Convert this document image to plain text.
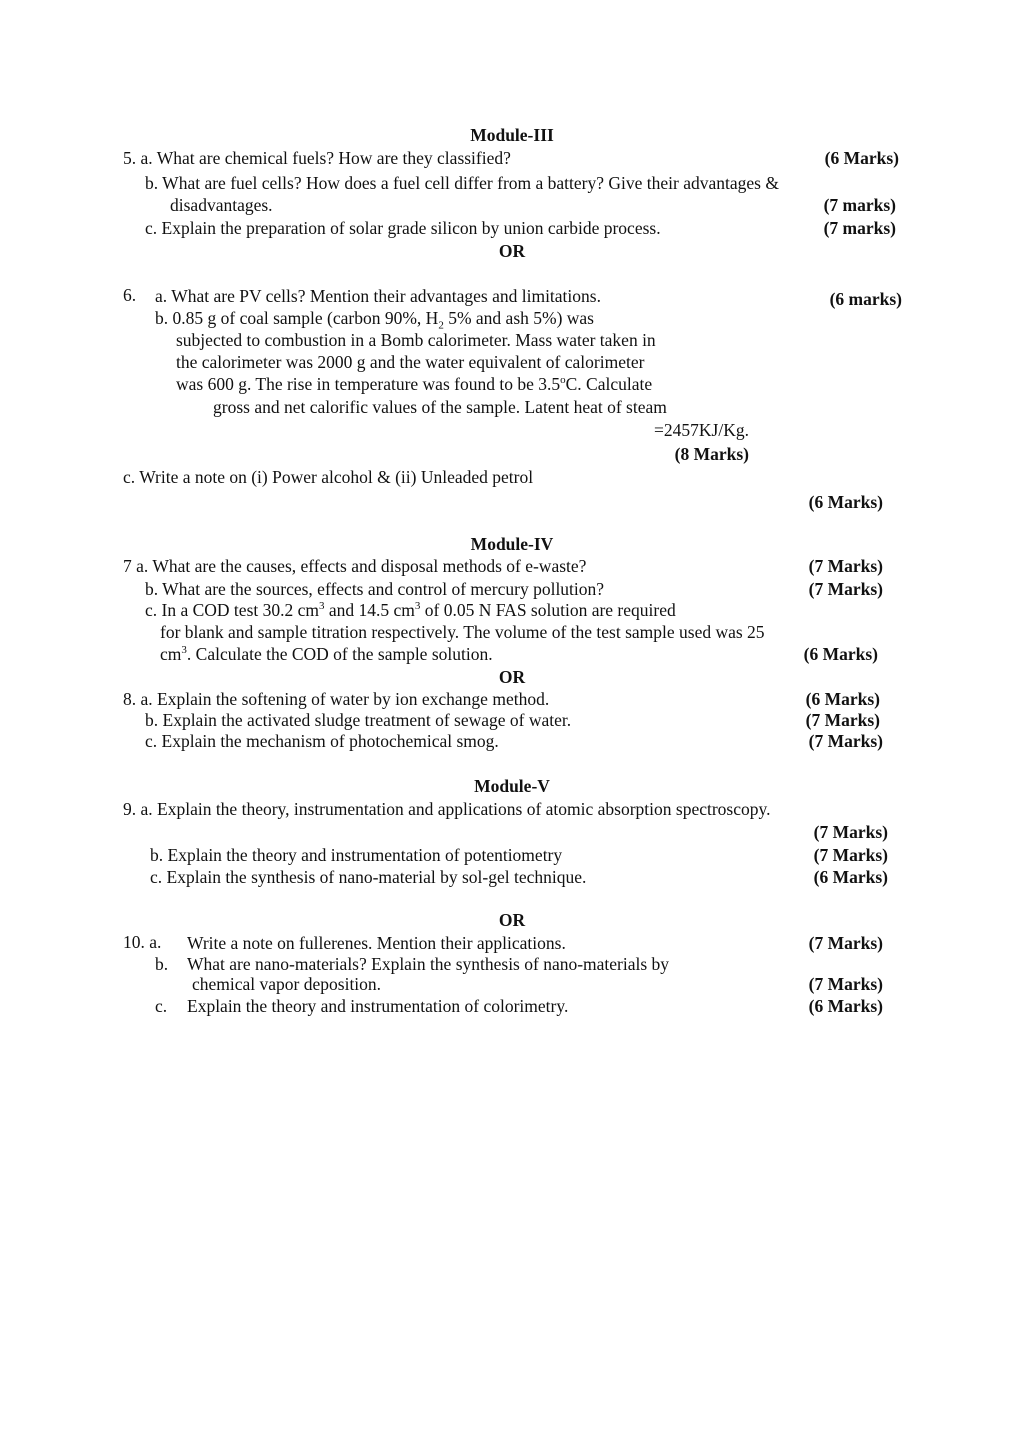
Module-III
5. a. What are chemical fuels? How are they classified?	(6 Marks)
b. What are fuel cells? How does a fuel cell differ from a battery? Give their advantages &
disadvantages.	(7 marks)
c. Explain the preparation of solar grade silicon by union carbide process.	(7 marks)
OR
6. a. What are PV cells? Mention their advantages and limitations.	(6 marks)
b. 0.85 g of coal sample (carbon 90%, $H_2$ 5% and ash 5%) was
subjected to combustion in a Bomb calorimeter. Mass water taken in
the calorimeter was 2000 g and the water equivalent of calorimeter
was 600 g. The rise in temperature was found to be 3.5$^o$C. Calculate
gross and net calorific values of the sample. Latent heat of steam
=2457KJ/Kg.
(8 Marks)
c. Write a note on (i) Power alcohol & (ii) Unleaded petrol
(6 Marks)
Module-IV
7 a. What are the causes, effects and disposal methods of e-waste?	(7 Marks)
b. What are the sources, effects and control of mercury pollution?	(7 Marks)
c. In a COD test 30.2 $cm^3$ and 14.5 $cm^3$ of 0.05 N FAS solution are required
for blank and sample titration respectively. The volume of the test sample used was 25
$cm^3$. Calculate the COD of the sample solution.	(6 Marks)
OR
8. a. Explain the softening of water by ion exchange method.	(6 Marks)
b. Explain the activated sludge treatment of sewage of water.	(7 Marks)
c. Explain the mechanism of photochemical smog.	(7 Marks)
Module-V
9. a. Explain the theory, instrumentation and applications of atomic absorption spectroscopy.
(7 Marks)
b. Explain the theory and instrumentation of potentiometry	(7 Marks)
c. Explain the synthesis of nano-material by sol-gel technique.	(6 Marks)
OR
10. a. Write a note on fullerenes. Mention their applications.	(7 Marks)
b. What are nano-materials? Explain the synthesis of nano-materials by
chemical vapor deposition.	(7 Marks)
c. Explain the theory and instrumentation of colorimetry.	(6 Marks)
